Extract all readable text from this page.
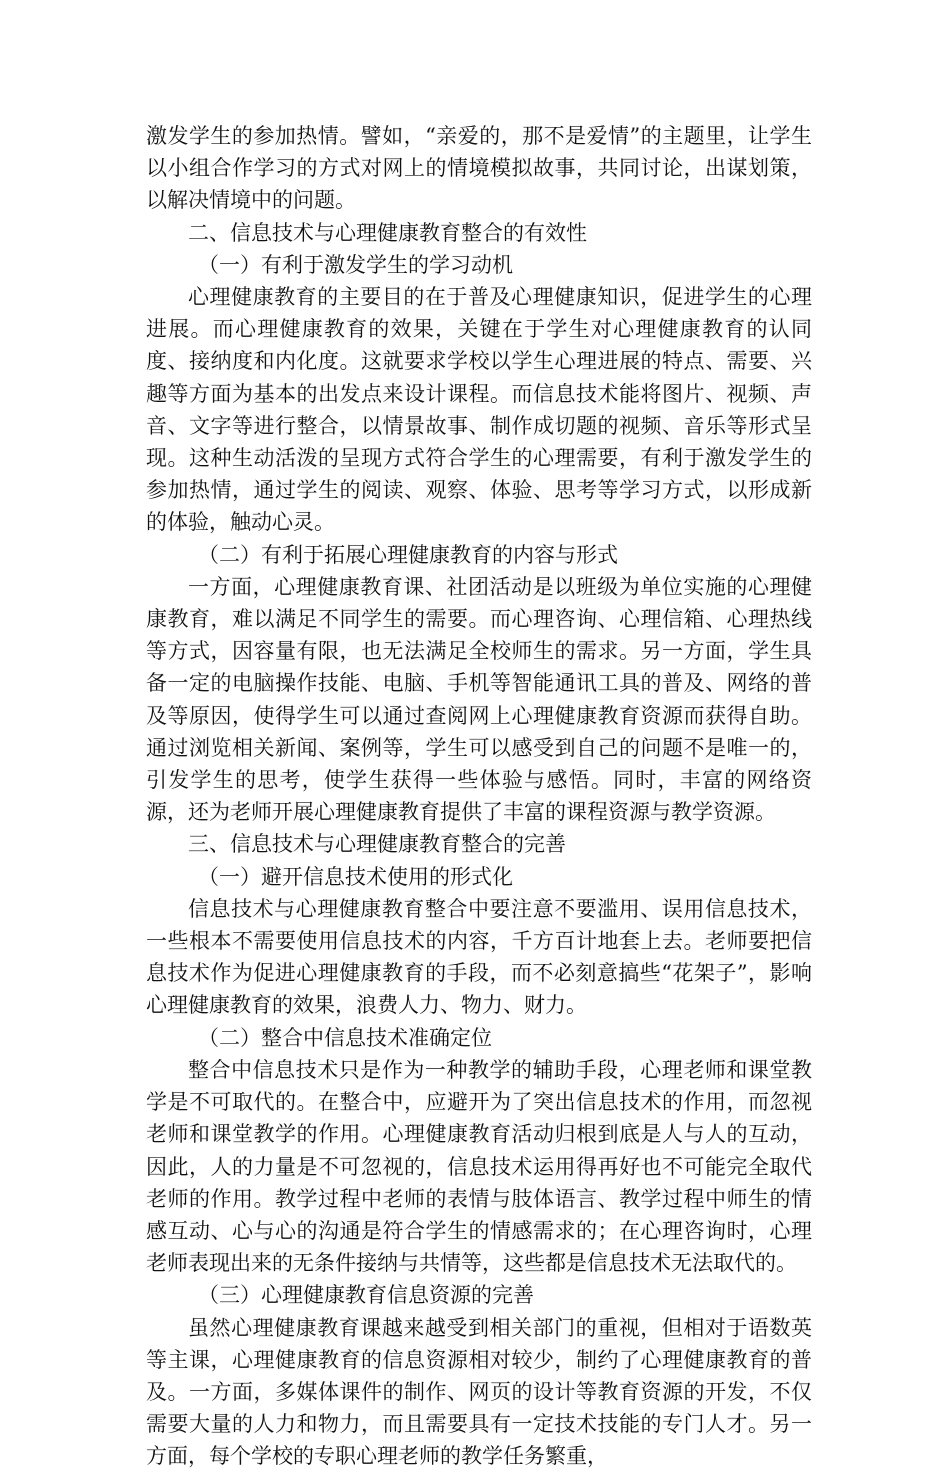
激发学生的参加热情。譬如，“亲爱的，那不是爱情”的主题里，让学生以小组合作学习的方式对网上的情境模拟故事，共同讨论，出谋划策，以解决情境中的问题。

二、信息技术与心理健康教育整合的有效性

（一）有利于激发学生的学习动机

心理健康教育的主要目的在于普及心理健康知识，促进学生的心理进展。而心理健康教育的效果，关键在于学生对心理健康教育的认同度、接纳度和内化度。这就要求学校以学生心理进展的特点、需要、兴趣等方面为基本的出发点来设计课程。而信息技术能将图片、视频、声音、文字等进行整合，以情景故事、制作成切题的视频、音乐等形式呈现。这种生动活泼的呈现方式符合学生的心理需要，有利于激发学生的参加热情，通过学生的阅读、观察、体验、思考等学习方式，以形成新的体验，触动心灵。

（二）有利于拓展心理健康教育的内容与形式

一方面，心理健康教育课、社团活动是以班级为单位实施的心理健康教育，难以满足不同学生的需要。而心理咨询、心理信箱、心理热线等方式，因容量有限，也无法满足全校师生的需求。另一方面，学生具备一定的电脑操作技能、电脑、手机等智能通讯工具的普及、网络的普及等原因，使得学生可以通过查阅网上心理健康教育资源而获得自助。通过浏览相关新闻、案例等，学生可以感受到自己的问题不是唯一的，引发学生的思考，使学生获得一些体验与感悟。同时，丰富的网络资源，还为老师开展心理健康教育提供了丰富的课程资源与教学资源。

三、信息技术与心理健康教育整合的完善

（一）避开信息技术使用的形式化

信息技术与心理健康教育整合中要注意不要滥用、误用信息技术，一些根本不需要使用信息技术的内容，千方百计地套上去。老师要把信息技术作为促进心理健康教育的手段，而不必刻意搞些“花架子”，影响心理健康教育的效果，浪费人力、物力、财力。

（二）整合中信息技术准确定位

整合中信息技术只是作为一种教学的辅助手段，心理老师和课堂教学是不可取代的。在整合中，应避开为了突出信息技术的作用，而忽视老师和课堂教学的作用。心理健康教育活动归根到底是人与人的互动，因此，人的力量是不可忽视的，信息技术运用得再好也不可能完全取代老师的作用。教学过程中老师的表情与肢体语言、教学过程中师生的情感互动、心与心的沟通是符合学生的情感需求的；在心理咨询时，心理老师表现出来的无条件接纳与共情等，这些都是信息技术无法取代的。

（三）心理健康教育信息资源的完善

虽然心理健康教育课越来越受到相关部门的重视，但相对于语数英等主课，心理健康教育的信息资源相对较少，制约了心理健康教育的普及。一方面，多媒体课件的制作、网页的设计等教育资源的开发，不仅需要大量的人力和物力，而且需要具有一定技术技能的专门人才。另一方面，每个学校的专职心理老师的教学任务繁重，
